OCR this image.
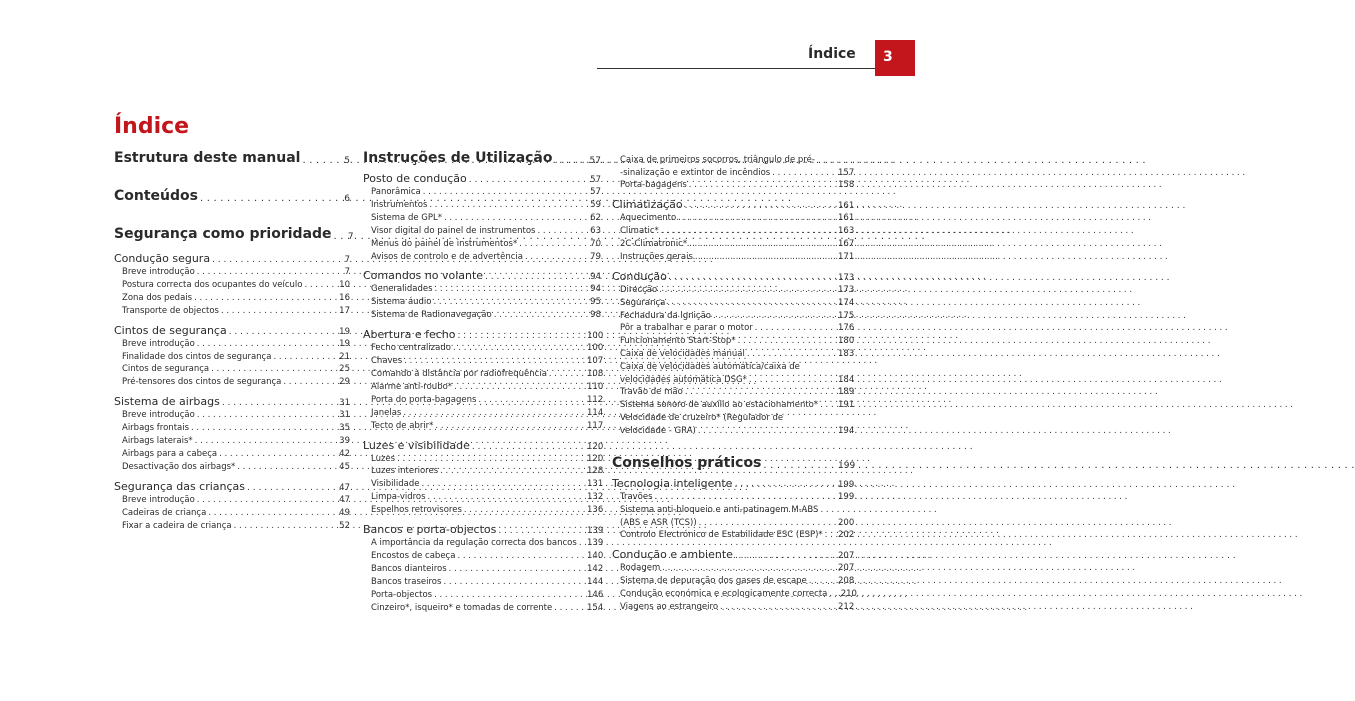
Índice	3
Índice
Estrutura deste manual . . .	5
Conteúdos . . .	6
Segurança como prioridade . . .	7
Condução segura . . .	7
Breve introdução . . .	7
Postura correcta dos ocupantes do veículo . . .	10
Zona dos pedais . . .	16
Transporte de objectos . . .	17
Cintos de segurança . . .	19
Breve introdução . . .	19
Finalidade dos cintos de segurança . . .	21
Cintos de segurança . . .	25
Pré-tensores dos cintos de segurança . . .	29
Sistema de airbags . . .	31
Breve introdução . . .	31
Airbags frontais . . .	35
Airbags laterais* . . .	39
Airbags para a cabeça . . .	42
Desactivação dos airbags* . . .	45
Segurança das crianças . . .	47
Breve introdução . . .	47
Cadeiras de criança . . .	49
Fixar a cadeira de criança . . .	52
Instruções de Utilização . . .	57
Posto de condução . . .	57
Panorâmica . . .	57
Instrumentos . . .	59
Sistema de GPL* . . .	62
Visor digital do painel de instrumentos . . .	63
Menus do painel de instrumentos* . . .	70
Avisos de controlo e de advertência . . .	79
Comandos no volante . . .	94
Generalidades . . .	94
Sistema áudio . . .	95
Sistema de Radionavegação . . .	98
Abertura e fecho . . .	100
Fecho centralizado . . .	100
Chaves . . .	107
Comando à distância por radiofrequência . . .	108
Alarme anti-roubo* . . .	110
Porta do porta-bagagens . . .	112
Janelas . . .	114
Tecto de abrir* . . .	117
Luzes e visibilidade . . .	120
Luzes . . .	120
Luzes interiores . . .	128
Visibilidade . . .	131
Limpa-vidros . . .	132
Espelhos retrovisores . . .	136
Bancos e porta-objectos . . .	139
A importância da regulação correcta dos bancos . . . 139
Encostos de cabeça . . .	140
Bancos dianteiros . . .	142
Bancos traseiros . . .	144
Porta-objectos . . .	146
Cinzeiro*, isqueiro* e tomadas de corrente . . .	154
Caixa de primeiros socorros, triângulo de pré-
-sinalização e extintor de incêndios . . .	157
Porta-bagagens . . .	158
Climatização . . .	161
Aquecimento . . .	161
Climatic* . . .	163
2C-Climatronic* . . .	167
Instruções gerais . . .	171
Condução . . .	173
Direcção . . .	173
Segurança . . .	174
Fechadura da ignição . . .	175
Pôr a trabalhar e parar o motor . . .	176
Funcionamento Start-Stop* . . .	180
Caixa de velocidades manual . . .	183
Caixa de velocidades automática/caixa de
velocidades automática DSG* . . .	184
Travão de mão . . .	189
Sistema sonoro de auxílio ao estacionamento* . . . 191
Velocidade de cruzeiro* (Regulador de
velocidade - GRA) . . .	194
Conselhos práticos . . .	199
Tecnologia inteligente . . .	199
Travões . . .	199
Sistema anti-bloqueio e anti-patinagem M-ABS
(ABS e ASR (TCS)) . . .	200
Controlo Electrónico de Estabilidade ESC (ESP)* . . . 202
Condução e ambiente . . .	207
Rodagem . . .	207
Sistema de depuração dos gases de escape . . .	208
Condução económica e ecologicamente correcta . . . .210
Viagens ao estrangeiro . . .	212
